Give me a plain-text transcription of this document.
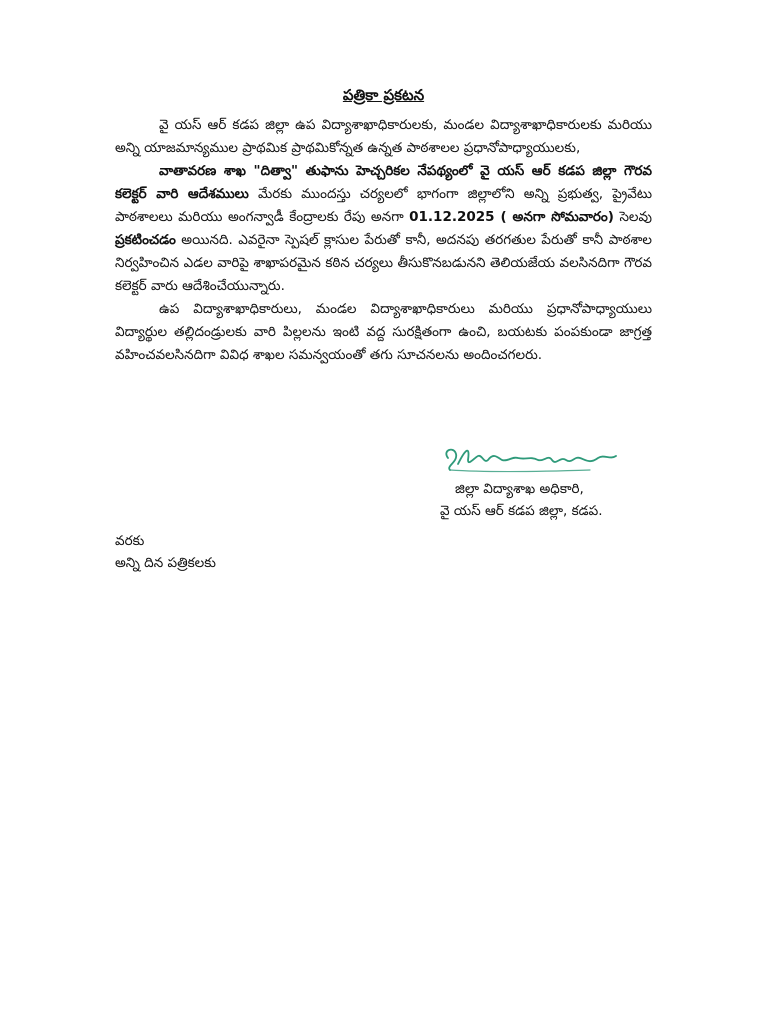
పత్రికా ప్రకటన

వై యస్ ఆర్ కడప జిల్లా ఉప విద్యాశాఖాధికారులకు, మండల విద్యాశాఖాధికారులకు మరియు అన్ని యాజమాన్యముల ప్రాథమిక ప్రాథమికోన్నత ఉన్నత పాఠశాలల ప్రధానోపాధ్యాయులకు,

వాతావరణ శాఖ "దిత్వా" తుఫాను హెచ్చరికల నేపథ్యంలో వై యస్ ఆర్ కడప జిల్లా గౌరవ కలెక్టర్ వారి ఆదేశములు మేరకు ముందస్తు చర్యలలో భాగంగా జిల్లాలోని అన్ని ప్రభుత్వ, ప్రైవేటు పాఠశాలలు మరియు అంగన్వాడీ కేంద్రాలకు రేపు అనగా 01.12.2025 ( అనగా సోమవారం) సెలవు ప్రకటించడం అయినది. ఎవరైనా స్పెషల్ క్లాసుల పేరుతో కానీ, అదనపు తరగతుల పేరుతో కానీ పాఠశాల నిర్వహించిన ఎడల వారిపై శాఖాపరమైన కఠిన చర్యలు తీసుకొనబడునని తెలియజేయ వలసినదిగా గౌరవ కలెక్టర్ వారు ఆదేశించేయున్నారు.

ఉప విద్యాశాఖాధికారులు, మండల విద్యాశాఖాధికారులు మరియు ప్రధానోపాధ్యాయులు విద్యార్థుల తల్లిదండ్రులకు వారి పిల్లలను ఇంటి వద్ద సురక్షితంగా ఉంచి, బయటకు పంపకుండా జాగ్రత్త వహించవలసినదిగా వివిధ శాఖల సమన్వయంతో తగు సూచనలను అందించగలరు.

జిల్లా విద్యాశాఖ అధికారి,

వై యస్ ఆర్ కడప జిల్లా, కడప.

వరకు

అన్ని దిన పత్రికలకు
